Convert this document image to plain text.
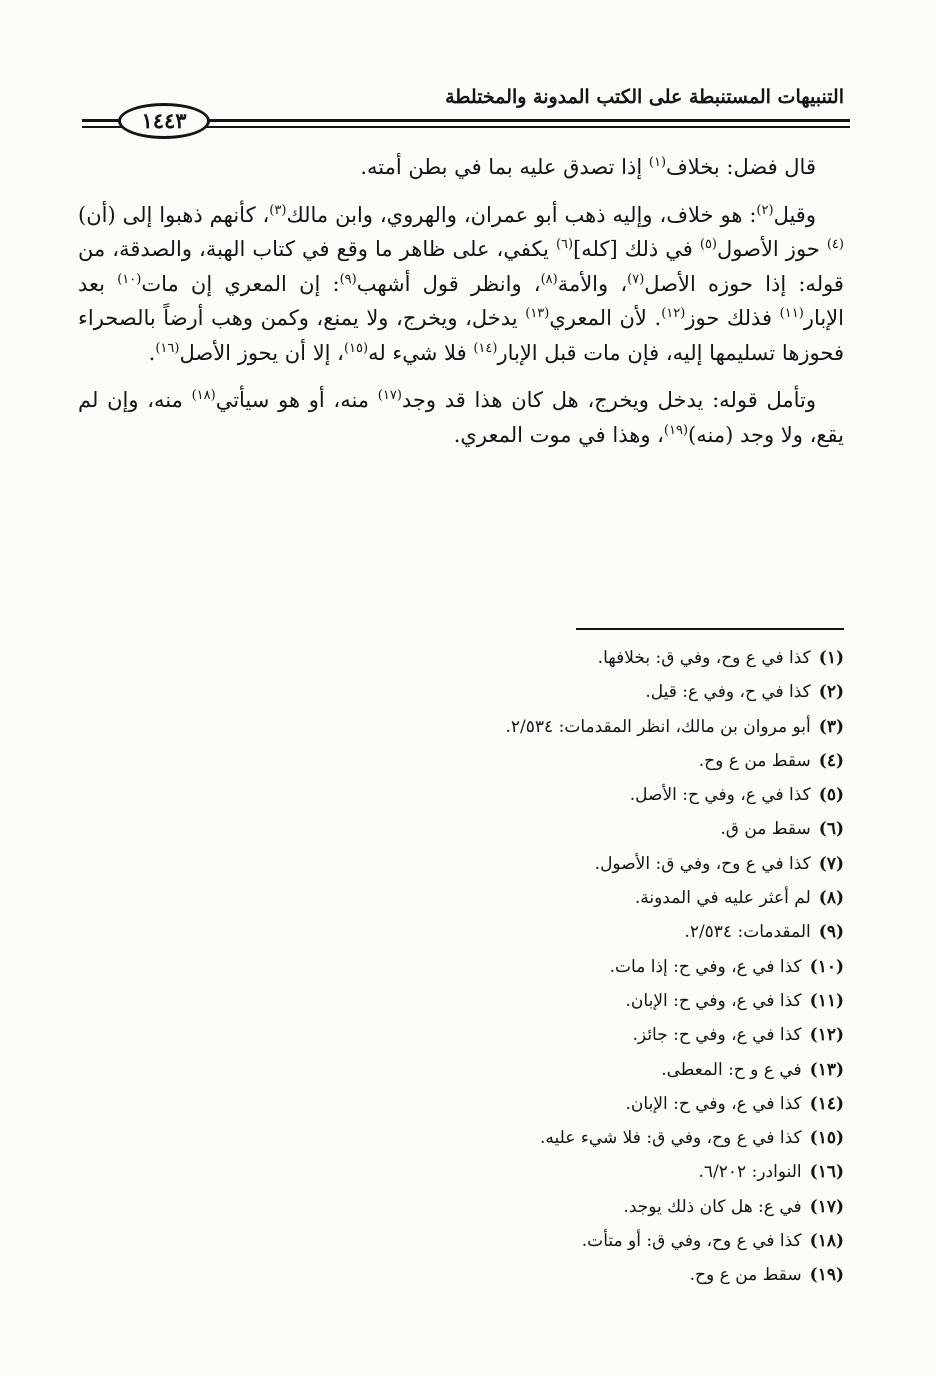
التنبيهات المستنبطة على الكتب المدونة والمختلطة
١٤٤٣

قال فضل: بخلاف$^{(١)}$ إذا تصدق عليه بما في بطن أمته.

وقيل$^{(٢)}$: هو خلاف، وإليه ذهب أبو عمران، والهروي، وابن مالك$^{(٣)}$، كأنهم ذهبوا إلى (أن)$^{(٤)}$ حوز الأصول$^{(٥)}$ في ذلك [كله]$^{(٦)}$ يكفي، على ظاهر ما وقع في كتاب الهبة، والصدقة، من قوله: إذا حوزه الأصل$^{(٧)}$، والأمة$^{(٨)}$، وانظر قول أشهب$^{(٩)}$: إن المعري إن مات$^{(١٠)}$ بعد الإبار$^{(١١)}$ فذلك حوز$^{(١٢)}$. لأن المعري$^{(١٣)}$ يدخل، ويخرج، ولا يمنع، وكمن وهب أرضاً بالصحراء فحوزها تسليمها إليه، فإن مات قبل الإبار$^{(١٤)}$ فلا شيء له$^{(١٥)}$، إلا أن يحوز الأصل$^{(١٦)}$.

وتأمل قوله: يدخل ويخرج، هل كان هذا قد وجد$^{(١٧)}$ منه، أو هو سيأتي$^{(١٨)}$ منه، وإن لم يقع، ولا وجد (منه)$^{(١٩)}$، وهذا في موت المعري.

(١)كذا في ع وح، وفي ق: بخلافها.
(٢)كذا في ح، وفي ع: قيل.
(٣)أبو مروان بن مالك، انظر المقدمات: ٢/٥٣٤.
(٤)سقط من ع وح.
(٥)كذا في ع، وفي ح: الأصل.
(٦)سقط من ق.
(٧)كذا في ع وح، وفي ق: الأصول.
(٨)لم أعثر عليه في المدونة.
(٩)المقدمات: ٢/٥٣٤.
(١٠)كذا في ع، وفي ح: إذا مات.
(١١)كذا في ع، وفي ح: الإبان.
(١٢)كذا في ع، وفي ح: جائز.
(١٣)في ع و ح: المعطى.
(١٤)كذا في ع، وفي ح: الإبان.
(١٥)كذا في ع وح، وفي ق: فلا شيء عليه.
(١٦)النوادر: ٦/٢٠٢.
(١٧)في ع: هل كان ذلك يوجد.
(١٨)كذا في ع وح، وفي ق: أو متأت.
(١٩)سقط من ع وح.
